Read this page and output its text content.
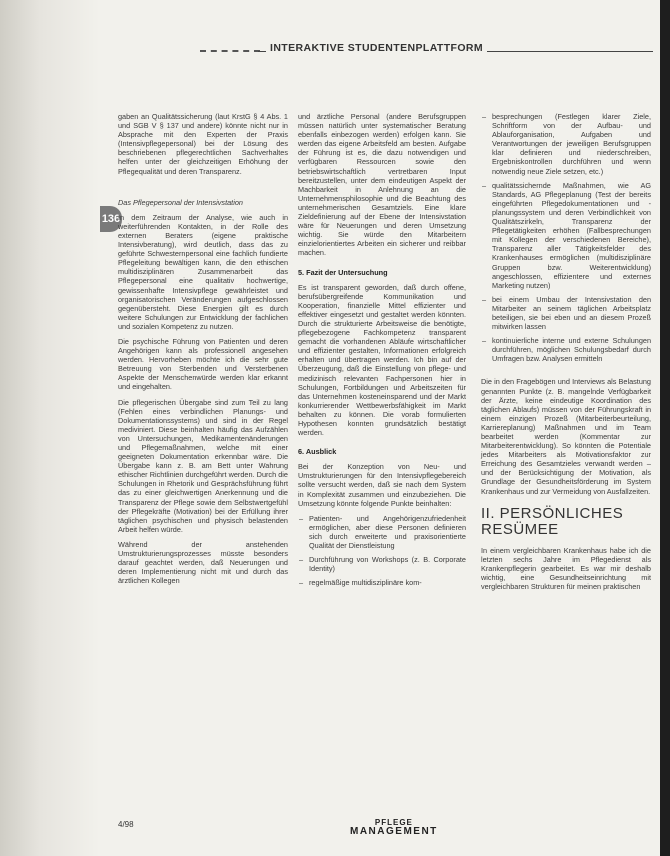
INTERAKTIVE STUDENTENPLATTFORM
136

gaben an Qualitätssicherung (laut KrstG § 4 Abs. 1 und SGB V § 137 und andere) könnte nicht nur in Absprache mit den Experten der Praxis (Intensivpflegepersonal) bei der Lösung des beschriebenen pflegerechtlichen Sachverhaltes helfen unter der gleichzeitigen Erhöhung der Pflegequalität und deren Transparenz.

Das Pflegepersonal der Intensivstation

In dem Zeitraum der Analyse, wie auch in weiterführenden Kontakten, in der Rolle des externen Beraters (eigene praktische Intensivberatung), wird deutlich, dass das zu geführte Schwesternpersonal eine fachlich fundierte Pflegeleitung bewältigen kann, die den ethischen multidisziplinären Zusammenarbeit das Pflegepersonal eine qualitativ hochwertige, gewissenhafte Intensivpflege gewährleistet und organisatorischen Veränderungen aufgeschlossen gegenübersteht. Diese Energien gilt es durch weitere Schulungen zur Entwicklung der fachlichen und sozialen Kompetenz zu nutzen.

Die psychische Führung von Patienten und deren Angehörigen kann als professionell angesehen werden. Hervorheben möchte ich die sehr gute Betreuung von Sterbenden und Versterbenen Aspekte der Menschenwürde werden klar erkannt und eingehalten.

Die pflegerischen Übergabe sind zum Teil zu lang (Fehlen eines verbindlichen Planungs- und Dokumentationssystems) und sind in der Regel mediviniert. Diese beinhalten häufig das Aufzählen von Untersuchungen, Medikamentenänderungen und Pflegemaßnahmen, welche mit einer geeigneten Dokumentation erkennbar wäre. Die Übergabe kann z. B. am Bett unter Wahrung ethischer Richtlinien durchgeführt werden. Durch die Schulungen in Rhetorik und Gesprächsführung führt das zu einer gleichwertigen Anerkennung und die Transparenz der Pflege sowie dem Selbstwertgefühl der Pflegekräfte (Motivation) bei der Erfüllung ihrer täglichen psychischen und physisch belastenden Arbeit helfen würde.

Während der anstehenden Umstrukturierungsprozesses müsste besonders darauf geachtet werden, daß Neuerungen und deren Implementierung nicht mit und durch das ärztlichen Kollegen

und ärztliche Personal (andere Berufsgruppen müssen natürlich unter systematischer Beratung ebenfalls einbezogen werden) erfolgen kann. Sie werden das eigene Arbeitsfeld am besten. Aufgabe der Führung ist es, die dazu notwendigen und verfügbaren Ressourcen sowie den betriebswirtschaftlich vertretbaren Input bereitzustellen, unter dem eindeutigen Aspekt der Machbarkeit in Anlehnung an die Unternehmensphilosophie und die Beachtung des unternehmerischen Gesamtziels. Eine klare Zieldefinierung auf der Ebene der Intensivstation wäre für Neuerungen und deren Umsetzung wichtig. Sie würde den Mitarbeitern einzielorientiertes Arbeiten ein sicherer und reibbar machen.

5. Fazit der Untersuchung

Es ist transparent geworden, daß durch offene, berufsübergreifende Kommunikation und Kooperation, finanzielle Mittel effizienter und effektiver eingesetzt und gestaltet werden könnten. Durch die strukturierte Arbeitsweise die benötigte, pflegebezogene Fachkompetenz transparent gemacht die vorhandenen Abläufe wirtschaftlicher und effizienter gestalten, Informationen erfolgreich erhalten und übertragen werden. Ich bin auf der Überzeugung, daß die Einstellung von pflege- und medizinisch relevanten Fachpersonen hier in Schulungen, Fortbildungen und Arbeitszeiten für das Unternehmen kosteneinsparend und der Markt konkurrierender Wettbewerbsfähigkeit im Markt behalten zu können. Die vorab formulierten Hypothesen konnten grundsätzlich bestätigt werden.

6. Ausblick

Bei der Konzeption von Neu- und Umstrukturierungen für den Intensivpflegebereich sollte versucht werden, daß sie nach dem System in Komplexität zusammen und einzubeziehen. Die Umsetzung könnte folgende Punkte beinhalten:

– Patienten- und Angehörigenzufriedenheit ermöglichen, aber diese Personen definieren sich durch erweiterte und praxisorientierte Qualität der Dienstleistung
– Durchführung von Workshops (z. B. Corporate Identity)
– regelmäßige multidisziplinäre kom-
– besprechungen (Festlegen klarer Ziele, Schriftform von der Aufbau- und Ablauforganisation, Aufgaben und Verantwortungen der jeweiligen Berufsgruppen klar definieren und niederschreiben, Ergebniskontrollen durchführen und wenn notwendig neue Ziele setzen, etc.)
– qualitätssichernde Maßnahmen, wie AG Standards, AG Pflegeplanung (Test der bereits eingeführten Pflegedokumentationen und -planungssystem und deren Verbindlichkeit von Qualitätszirkeln, Transparenz der Pflegetätigkeiten erhöhen (Fallbesprechungen mit Kollegen der verschiedenen Bereiche), Transparenz aller Tätigkeitsfelder des Krankenhauses ermöglichen (multidisziplinäre Gruppen bzw. Weiterentwicklung) angeschlossen, effizientere und externes Marketing nutzen)
– bei einem Umbau der Intensivstation den Mitarbeiter an seinem täglichen Arbeitsplatz beteiligen, sie bei eben und an diesem Prozeß mitwirken lassen
– kontinuierliche interne und externe Schulungen durchführen, möglichen Schulungsbedarf durch Umfragen bzw. Analysen ermitteln

Die in den Fragebögen und Interviews als Belastung genannten Punkte (z. B. mangelnde Verfügbarkeit der Ärzte, keine eindeutige Koordination des täglichen Ablaufs) müssen von der Führungskraft in einem einzigen Prozeß (Mitarbeiterbeurteilung, Karriereplanung) Maßnahmen und im Team bearbeitet werden (Kommentar zur Mitarbeiterentwicklung). So könnten die Potentiale jedes Mitarbeiters als Motivationsfaktor zur Erreichung des Gesamtzieles verwandt werden – und der Berücksichtigung der Motivation, als Grundlage der Gesundheitsförderung im System Krankenhaus und zur Vermeidung von Ausfallzeiten.

II. PERSÖNLICHES RESÜMEE

In einem vergleichbaren Krankenhaus habe ich die letzten sechs Jahre im Pflegedienst als Krankenpflegerin gearbeitet. Es war mir deshalb wichtig, eine Gesundheitseinrichtung mit vergleichbaren Strukturen für meinen praktischen

4/98	PFLEGE
MANAGEMENT
